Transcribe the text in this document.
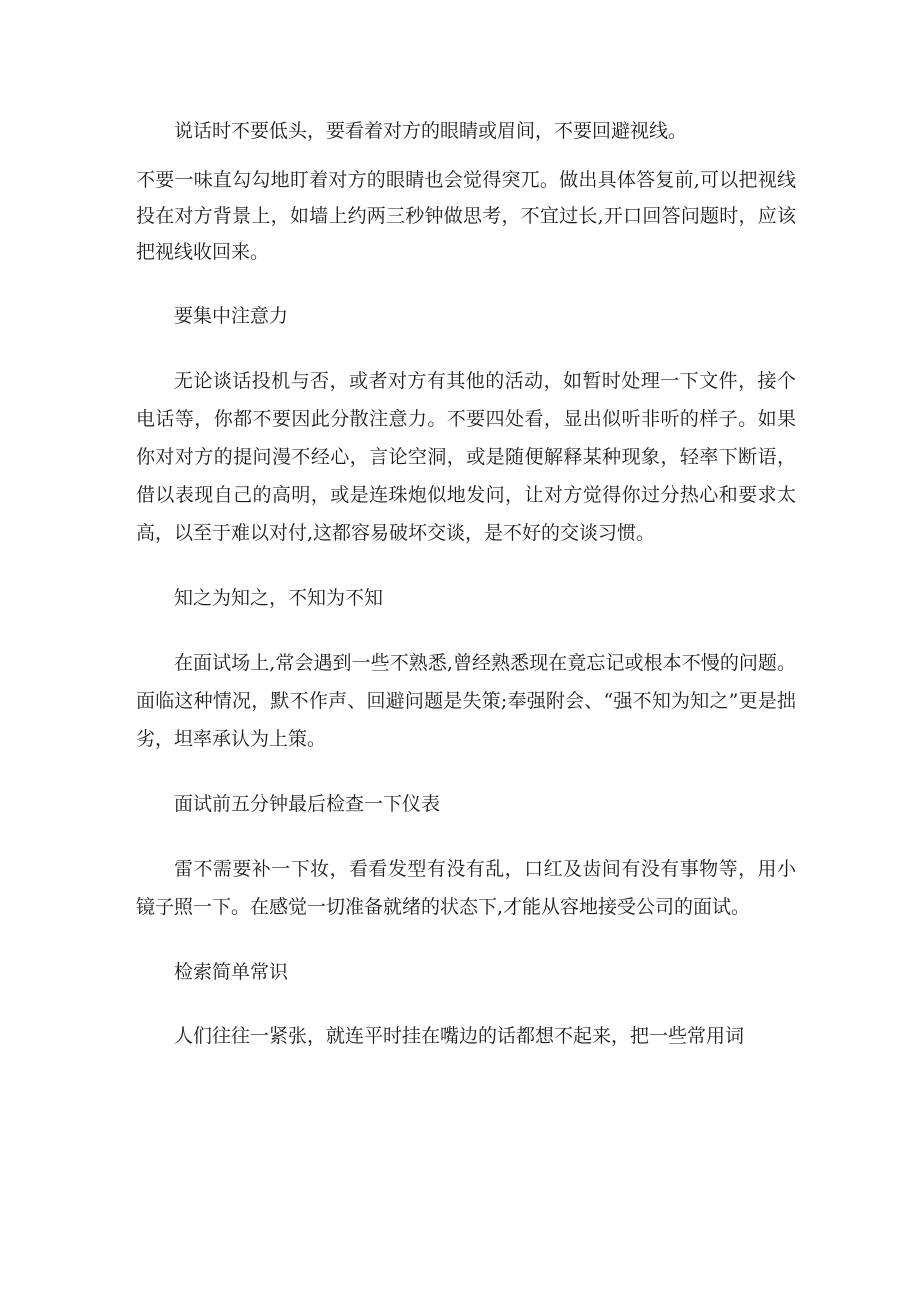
说话时不要低头，要看着对方的眼睛或眉间，不要回避视线。

不要一味直勾勾地盯着对方的眼睛也会觉得突兀。做出具体答复前,可以把视线投在对方背景上，如墙上约两三秒钟做思考，不宜过长,开口回答问题时，应该把视线收回来。

要集中注意力

无论谈话投机与否，或者对方有其他的活动，如暂时处理一下文件，接个电话等，你都不要因此分散注意力。不要四处看，显出似听非听的样子。如果你对对方的提问漫不经心，言论空洞，或是随便解释某种现象，轻率下断语，借以表现自己的高明，或是连珠炮似地发问，让对方觉得你过分热心和要求太高，以至于难以对付,这都容易破坏交谈，是不好的交谈习惯。

知之为知之，不知为不知

在面试场上,常会遇到一些不熟悉,曾经熟悉现在竟忘记或根本不慢的问题。面临这种情况，默不作声、回避问题是失策;奉强附会、“强不知为知之”更是拙劣，坦率承认为上策。

面试前五分钟最后检查一下仪表

雷不需要补一下妆，看看发型有没有乱，口红及齿间有没有事物等，用小镜子照一下。在感觉一切准备就绪的状态下,才能从容地接受公司的面试。

检索简单常识

人们往往一紧张，就连平时挂在嘴边的话都想不起来，把一些常用词
